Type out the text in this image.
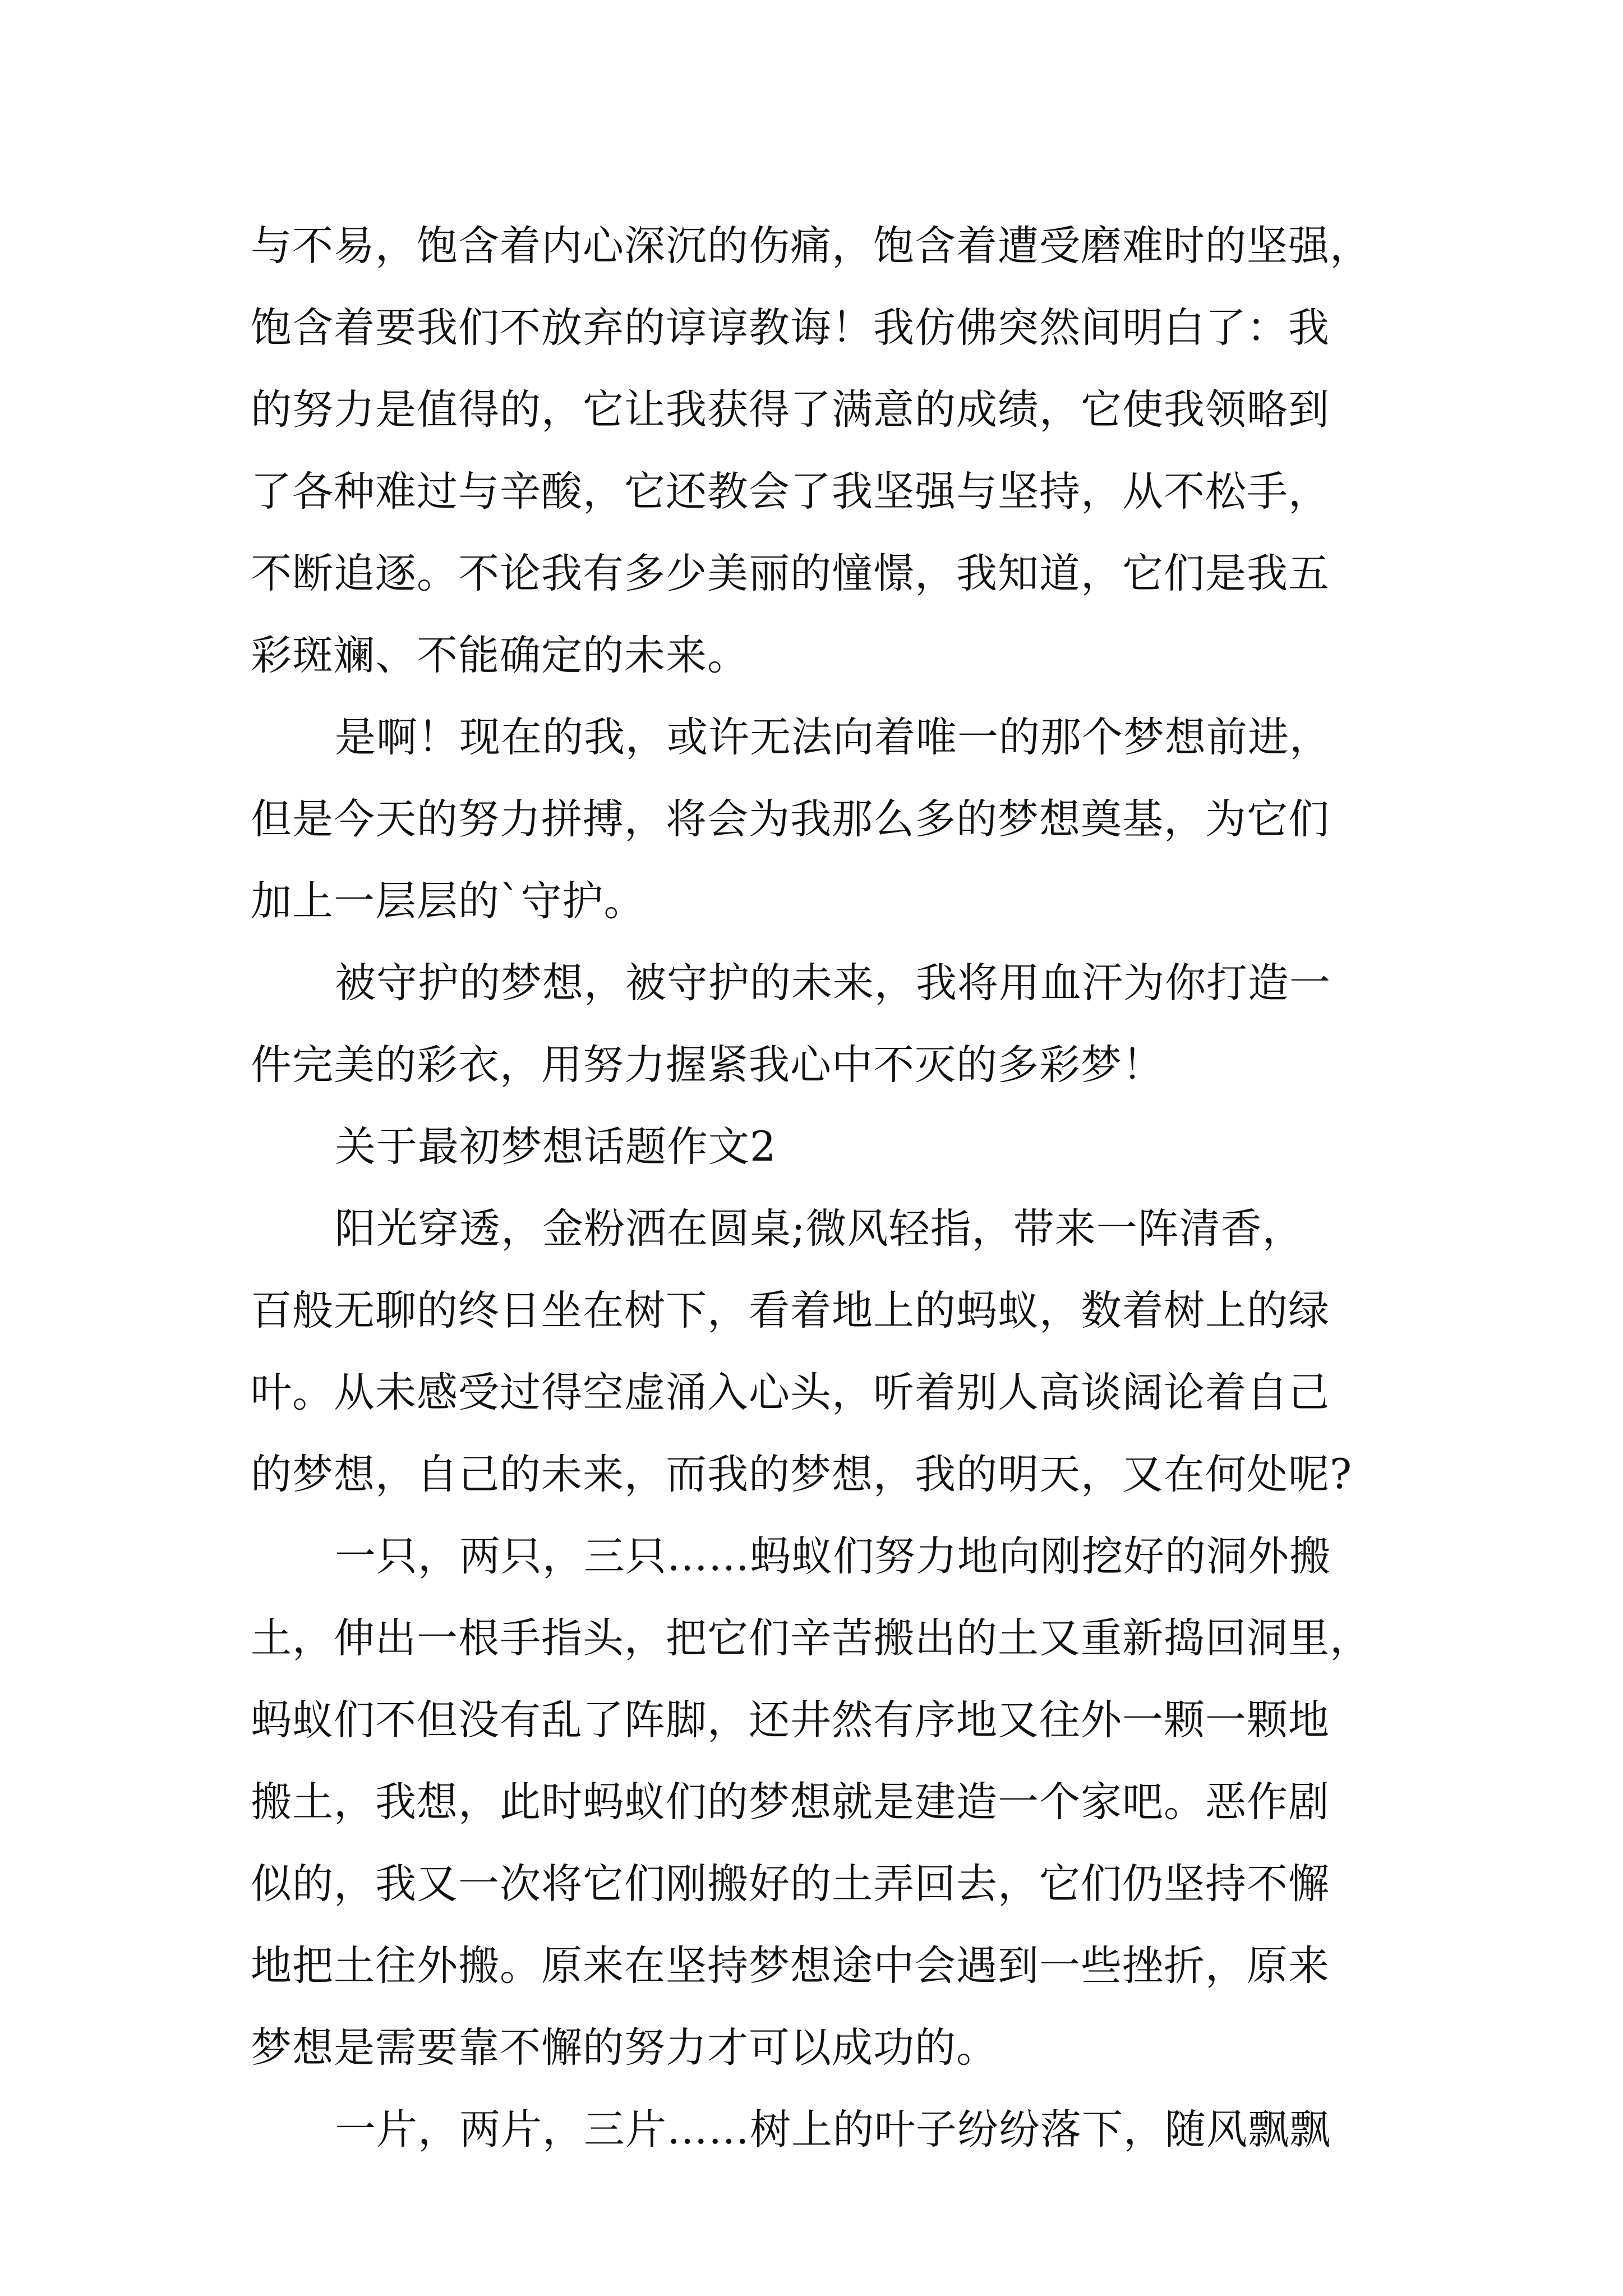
与不易，饱含着内心深沉的伤痛，饱含着遭受磨难时的坚强，
饱含着要我们不放弃的谆谆教诲！我仿佛突然间明白了：我
的努力是值得的，它让我获得了满意的成绩，它使我领略到
了各种难过与辛酸，它还教会了我坚强与坚持，从不松手，
不断追逐。不论我有多少美丽的憧憬，我知道，它们是我五
彩斑斓、不能确定的未来。
是啊！现在的我，或许无法向着唯一的那个梦想前进，
但是今天的努力拼搏，将会为我那么多的梦想奠基，为它们
加上一层层的`守护。
被守护的梦想，被守护的未来，我将用血汗为你打造一
件完美的彩衣，用努力握紧我心中不灭的多彩梦！
关于最初梦想话题作文2
阳光穿透，金粉洒在圆桌;微风轻指，带来一阵清香，
百般无聊的终日坐在树下，看着地上的蚂蚁，数着树上的绿
叶。从未感受过得空虚涌入心头，听着别人高谈阔论着自己
的梦想，自己的未来，而我的梦想，我的明天，又在何处呢?
一只，两只，三只……蚂蚁们努力地向刚挖好的洞外搬
土，伸出一根手指头，把它们辛苦搬出的土又重新捣回洞里，
蚂蚁们不但没有乱了阵脚，还井然有序地又往外一颗一颗地
搬土，我想，此时蚂蚁们的梦想就是建造一个家吧。恶作剧
似的，我又一次将它们刚搬好的土弄回去，它们仍坚持不懈
地把土往外搬。原来在坚持梦想途中会遇到一些挫折，原来
梦想是需要靠不懈的努力才可以成功的。
一片，两片，三片……树上的叶子纷纷落下，随风飘飘
